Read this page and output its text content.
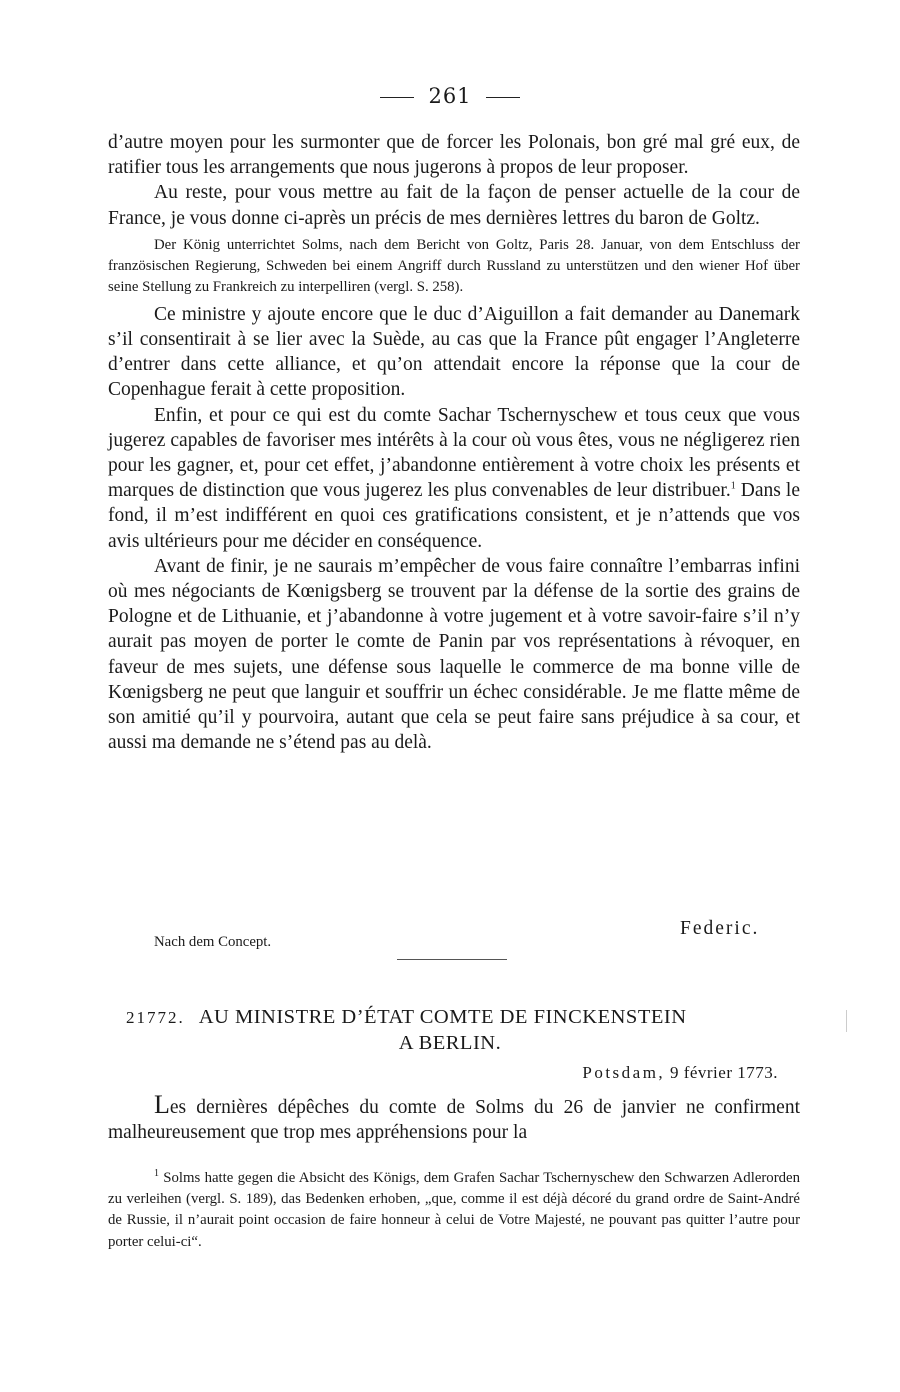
261

d’autre moyen pour les surmonter que de forcer les Polonais, bon gré mal gré eux, de ratifier tous les arrangements que nous jugerons à propos de leur proposer.

Au reste, pour vous mettre au fait de la façon de penser actuelle de la cour de France, je vous donne ci-après un précis de mes dernières lettres du baron de Goltz.

Der König unterrichtet Solms, nach dem Bericht von Goltz, Paris 28. Januar, von dem Entschluss der französischen Regierung, Schweden bei einem Angriff durch Russland zu unterstützen und den wiener Hof über seine Stellung zu Frankreich zu interpelliren (vergl. S. 258).

Ce ministre y ajoute encore que le duc d’Aiguillon a fait demander au Danemark s’il consentirait à se lier avec la Suède, au cas que la France pût engager l’Angleterre d’entrer dans cette alliance, et qu’on attendait encore la réponse que la cour de Copenhague ferait à cette proposition.

Enfin, et pour ce qui est du comte Sachar Tschernyschew et tous ceux que vous jugerez capables de favoriser mes intérêts à la cour où vous êtes, vous ne négligerez rien pour les gagner, et, pour cet effet, j’abandonne entièrement à votre choix les présents et marques de distinction que vous jugerez les plus convenables de leur distribuer.$^1$ Dans le fond, il m’est indifférent en quoi ces gratifications consistent, et je n’attends que vos avis ultérieurs pour me décider en conséquence.

Avant de finir, je ne saurais m’empêcher de vous faire connaître l’embarras infini où mes négociants de Kœnigsberg se trouvent par la défense de la sortie des grains de Pologne et de Lithuanie, et j’abandonne à votre jugement et à votre savoir-faire s’il n’y aurait pas moyen de porter le comte de Panin par vos représentations à révoquer, en faveur de mes sujets, une défense sous laquelle le commerce de ma bonne ville de Kœnigsberg ne peut que languir et souffrir un échec considérable. Je me flatte même de son amitié qu’il y pourvoira, autant que cela se peut faire sans préjudice à sa cour, et aussi ma demande ne s’étend pas au delà.

Federic.
Nach dem Concept.
21772. AU MINISTRE D’ÉTAT COMTE DE FINCKENSTEIN
A BERLIN.
Potsdam, 9 février 1773.

Les dernières dépêches du comte de Solms du 26 de janvier ne confirment malheureusement que trop mes appréhensions pour la

$^1$ Solms hatte gegen die Absicht des Königs, dem Grafen Sachar Tschernyschew den Schwarzen Adlerorden zu verleihen (vergl. S. 189), das Bedenken erhoben, „que, comme il est déjà décoré du grand ordre de Saint-André de Russie, il n’aurait point occasion de faire honneur à celui de Votre Majesté, ne pouvant pas quitter l’autre pour porter celui-ci“.
